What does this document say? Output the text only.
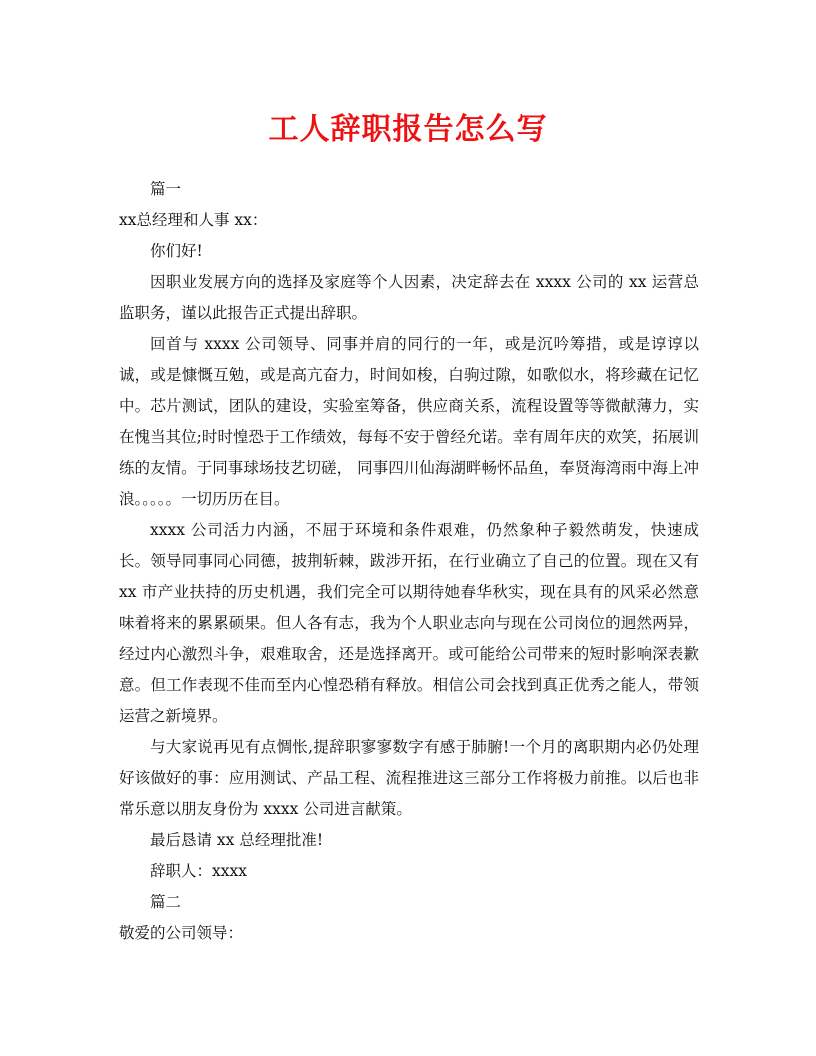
工人辞职报告怎么写

篇一

xx总经理和人事 xx：

你们好!

因职业发展方向的选择及家庭等个人因素，决定辞去在 xxxx 公司的 xx 运营总监职务，谨以此报告正式提出辞职。

回首与 xxxx 公司领导、同事并肩的同行的一年，或是沉吟筹措，或是谆谆以诚，或是慷慨互勉，或是高亢奋力，时间如梭，白驹过隙，如歌似水，将珍藏在记忆中。芯片测试，团队的建设，实验室筹备，供应商关系，流程设置等等微献薄力，实在愧当其位;时时惶恐于工作绩效，每每不安于曾经允诺。幸有周年庆的欢笑，拓展训练的友情。于同事球场技艺切磋， 同事四川仙海湖畔畅怀品鱼，奉贤海湾雨中海上冲浪。。。。。一切历历在目。

xxxx 公司活力内涵，不屈于环境和条件艰难，仍然象种子毅然萌发，快速成长。领导同事同心同德，披荆斩棘，跋涉开拓，在行业确立了自己的位置。现在又有 xx 市产业扶持的历史机遇，我们完全可以期待她春华秋实，现在具有的风采必然意味着将来的累累硕果。但人各有志，我为个人职业志向与现在公司岗位的迥然两异，经过内心激烈斗争，艰难取舍，还是选择离开。或可能给公司带来的短时影响深表歉意。但工作表现不佳而至内心惶恐稍有释放。相信公司会找到真正优秀之能人，带领运营之新境界。

与大家说再见有点惆怅,提辞职寥寥数字有感于肺腑!一个月的离职期内必仍处理好该做好的事：应用测试、产品工程、流程推进这三部分工作将极力前推。以后也非常乐意以朋友身份为 xxxx 公司进言献策。

最后恳请 xx 总经理批准!

辞职人：xxxx

篇二

敬爱的公司领导：
